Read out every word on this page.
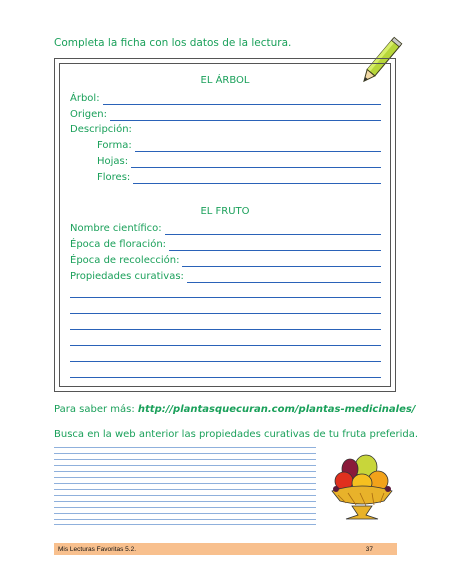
Completa la ficha con los datos de la lectura.
EL ÁRBOL
Árbol:
Origen:
Descripción:
Forma:
Hojas:
Flores:
EL FRUTO
Nombre científico:
Época de floración:
Época de recolección:
Propiedades curativas:
Para saber más: http://plantasquecuran.com/plantas-medicinales/
Busca en la web anterior las propiedades curativas de tu fruta preferida.
Mis Lecturas Favoritas 5.2.	37
